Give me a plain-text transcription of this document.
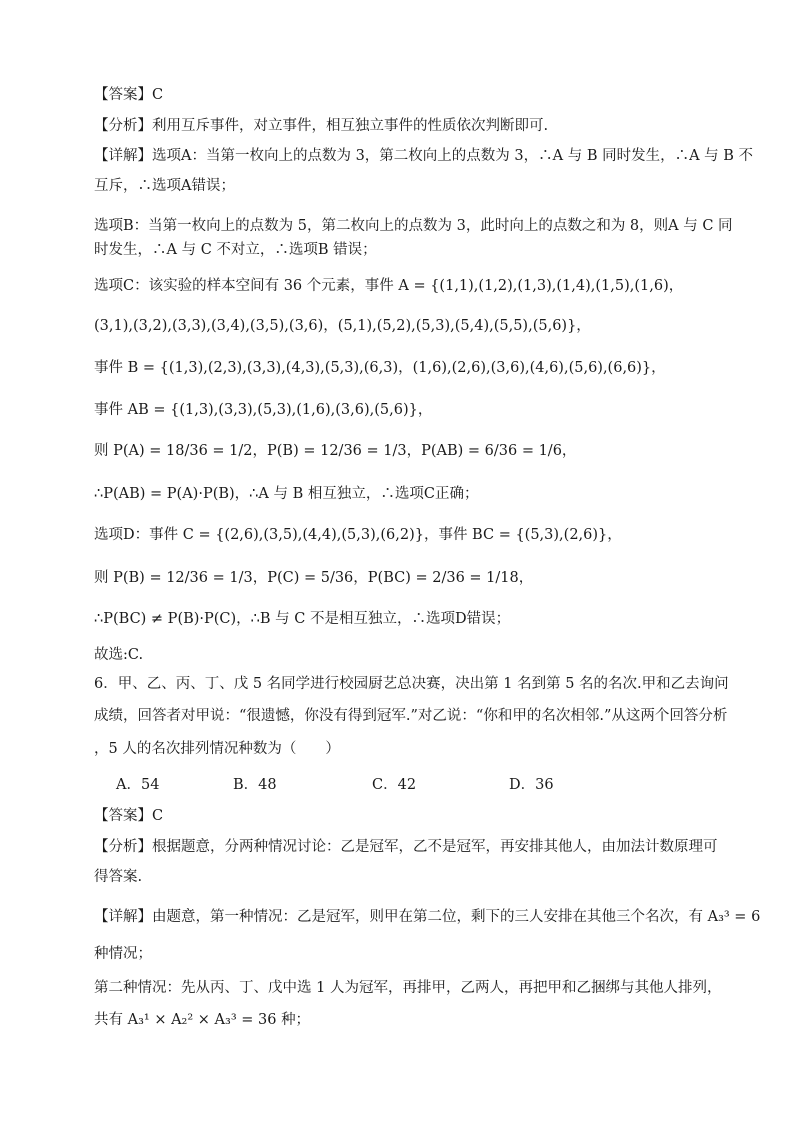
【答案】C
【分析】利用互斥事件，对立事件，相互独立事件的性质依次判断即可.
【详解】选项A：当第一枚向上的点数为 3，第二枚向上的点数为 3，∴A 与 B 同时发生，∴A 与 B 不
互斥，∴选项A错误；
选项B：当第一枚向上的点数为 5，第二枚向上的点数为 3，此时向上的点数之和为 8，则A 与 C 同
时发生，∴A 与 C 不对立，∴选项B 错误；
选项C：该实验的样本空间有 36 个元素，事件 A = {(1,1),(1,2),(1,3),(1,4),(1,5),(1,6)，
(3,1),(3,2),(3,3),(3,4),(3,5),(3,6)，(5,1),(5,2),(5,3),(5,4),(5,5),(5,6)}，
事件 B = {(1,3),(2,3),(3,3),(4,3),(5,3),(6,3)，(1,6),(2,6),(3,6),(4,6),(5,6),(6,6)}，
事件 AB = {(1,3),(3,3),(5,3),(1,6),(3,6),(5,6)}，
则 P(A) = 18/36 = 1/2，P(B) = 12/36 = 1/3，P(AB) = 6/36 = 1/6，
∴P(AB) = P(A)·P(B)，∴A 与 B 相互独立，∴选项C正确；
选项D：事件 C = {(2,6),(3,5),(4,4),(5,3),(6,2)}，事件 BC = {(5,3),(2,6)}，
则 P(B) = 12/36 = 1/3，P(C) = 5/36，P(BC) = 2/36 = 1/18，
∴P(BC) ≠ P(B)·P(C)，∴B 与 C 不是相互独立，∴选项D错误；
故选:C.
6．甲、乙、丙、丁、戊 5 名同学进行校园厨艺总决赛，决出第 1 名到第 5 名的名次.甲和乙去询问
成绩，回答者对甲说：“很遗憾，你没有得到冠军.”对乙说：“你和甲的名次相邻.”从这两个回答分析
，5 人的名次排列情况种数为（　　）
A．54	B．48	C．42	D．36
【答案】C
【分析】根据题意，分两种情况讨论：乙是冠军，乙不是冠军，再安排其他人，由加法计数原理可
得答案.
【详解】由题意，第一种情况：乙是冠军，则甲在第二位，剩下的三人安排在其他三个名次，有 A₃³ = 6
种情况；
第二种情况：先从丙、丁、戊中选 1 人为冠军，再排甲，乙两人，再把甲和乙捆绑与其他人排列，
共有 A₃¹ × A₂² × A₃³ = 36 种；
